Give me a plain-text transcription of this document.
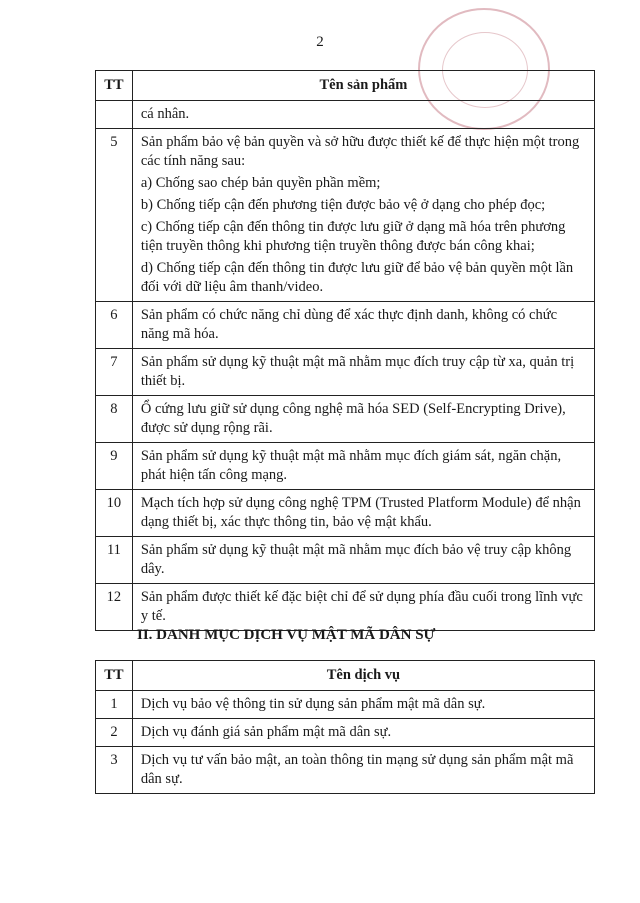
2
TT	Tên sản phẩm
	cá nhân.
5	Sản phẩm bảo vệ bản quyền và sở hữu được thiết kế để thực hiện một trong các tính năng sau:
a) Chống sao chép bản quyền phần mềm;
b) Chống tiếp cận đến phương tiện được bảo vệ ở dạng cho phép đọc;
c) Chống tiếp cận đến thông tin được lưu giữ ở dạng mã hóa trên phương tiện truyền thông khi phương tiện truyền thông được bán công khai;
d) Chống tiếp cận đến thông tin được lưu giữ để bảo vệ bản quyền một lần đối với dữ liệu âm thanh/video.

6	Sản phẩm có chức năng chỉ dùng để xác thực định danh, không có chức năng mã hóa.
7	Sản phẩm sử dụng kỹ thuật mật mã nhằm mục đích truy cập từ xa, quản trị thiết bị.
8	Ổ cứng lưu giữ sử dụng công nghệ mã hóa SED (Self-Encrypting Drive), được sử dụng rộng rãi.
9	Sản phẩm sử dụng kỹ thuật mật mã nhằm mục đích giám sát, ngăn chặn, phát hiện tấn công mạng.
10	Mạch tích hợp sử dụng công nghệ TPM (Trusted Platform Module) để nhận dạng thiết bị, xác thực thông tin, bảo vệ mật khẩu.
11	Sản phẩm sử dụng kỹ thuật mật mã nhằm mục đích bảo vệ truy cập không dây.
12	Sản phẩm được thiết kế đặc biệt chỉ để sử dụng phía đầu cuối trong lĩnh vực y tế.
II. DANH MỤC DỊCH VỤ MẬT MÃ DÂN SỰ
TT	Tên dịch vụ
1	Dịch vụ bảo vệ thông tin sử dụng sản phẩm mật mã dân sự.
2	Dịch vụ đánh giá sản phẩm mật mã dân sự.
3	Dịch vụ tư vấn bảo mật, an toàn thông tin mạng sử dụng sản phẩm mật mã dân sự.
